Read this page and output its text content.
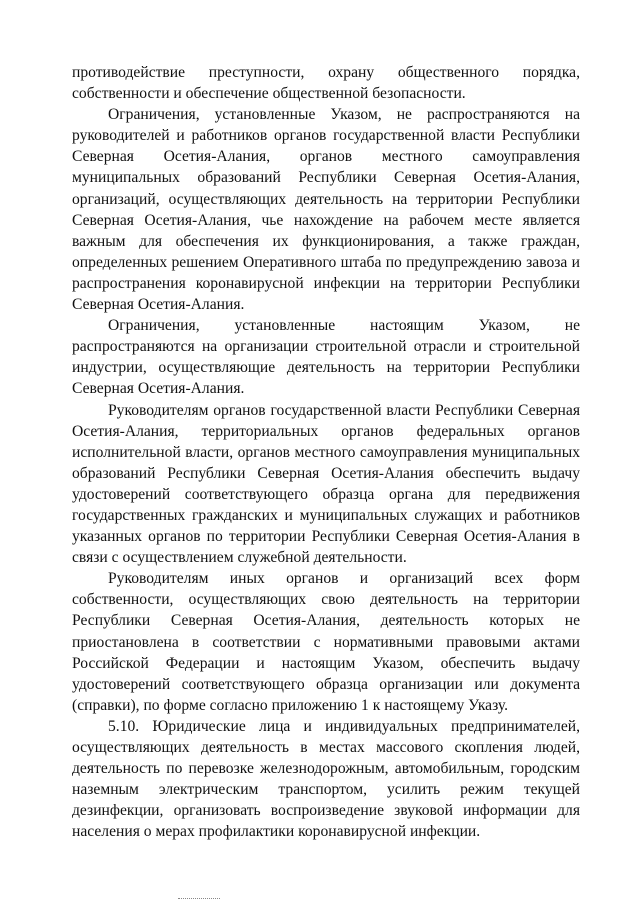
противодействие преступности, охрану общественного порядка, собственности и обеспечение общественной безопасности.

Ограничения, установленные Указом, не распространяются на руководителей и работников органов государственной власти Республики Северная Осетия-Алания, органов местного самоуправления муниципальных образований Республики Северная Осетия-Алания, организаций, осуществляющих деятельность на территории Республики Северная Осетия-Алания, чье нахождение на рабочем месте является важным для обеспечения их функционирования, а также граждан, определенных решением Оперативного штаба по предупреждению завоза и распространения коронавирусной инфекции на территории Республики Северная Осетия-Алания.

Ограничения, установленные настоящим Указом, не распространяются на организации строительной отрасли и строительной индустрии, осуществляющие деятельность на территории Республики Северная Осетия-Алания.

Руководителям органов государственной власти Республики Северная Осетия-Алания, территориальных органов федеральных органов исполнительной власти, органов местного самоуправления муниципальных образований Республики Северная Осетия-Алания обеспечить выдачу удостоверений соответствующего образца органа для передвижения государственных гражданских и муниципальных служащих и работников указанных органов по территории Республики Северная Осетия-Алания в связи с осуществлением служебной деятельности.

Руководителям иных органов и организаций всех форм собственности, осуществляющих свою деятельность на территории Республики Северная Осетия-Алания, деятельность которых не приостановлена в соответствии с нормативными правовыми актами Российской Федерации и настоящим Указом, обеспечить выдачу удостоверений соответствующего образца организации или документа (справки), по форме согласно приложению 1 к настоящему Указу.

5.10. Юридические лица и индивидуальных предпринимателей, осуществляющих деятельность в местах массового скопления людей, деятельность по перевозке железнодорожным, автомобильным, городским наземным электрическим транспортом, усилить режим текущей дезинфекции, организовать воспроизведение звуковой информации для населения о мерах профилактики коронавирусной инфекции.
